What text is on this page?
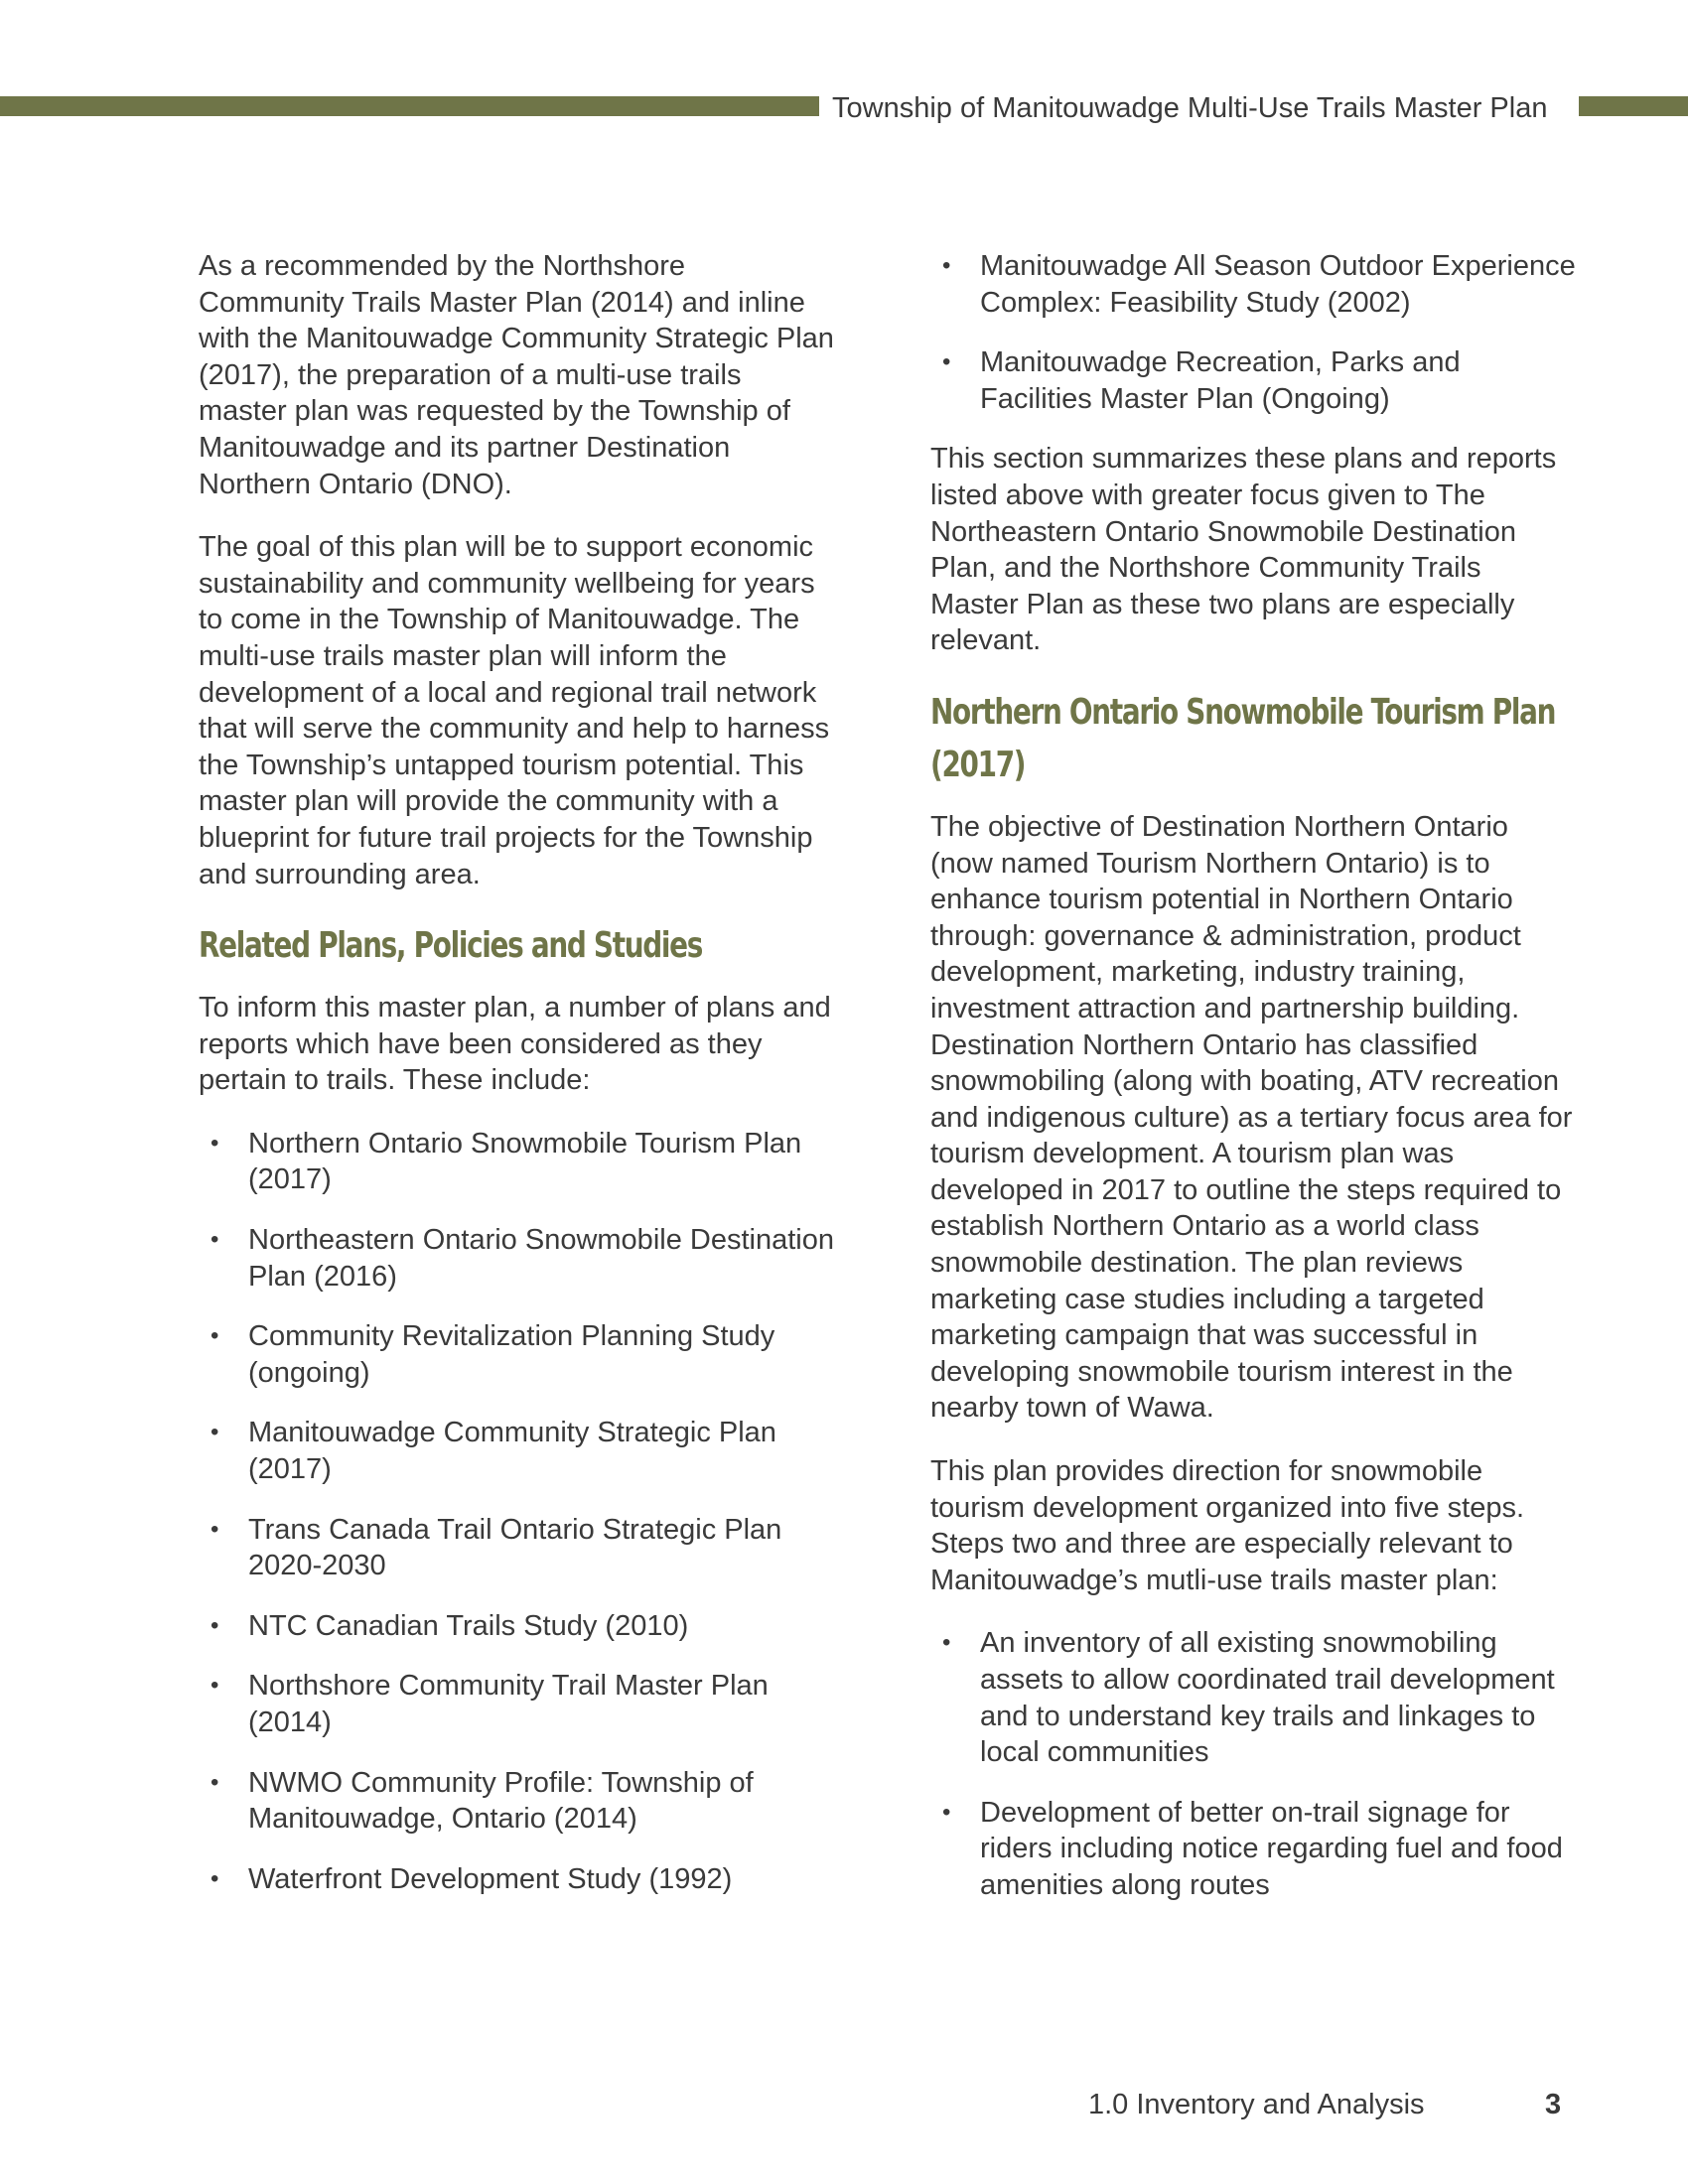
Township of Manitouwadge Multi-Use Trails Master Plan

As a recommended by the Northshore Community Trails Master Plan (2014) and inline with the Manitouwadge Community Strategic Plan (2017), the preparation of a multi-use trails master plan was requested by the Township of Manitouwadge and its partner Destination Northern Ontario (DNO).

The goal of this plan will be to support economic sustainability and community wellbeing for years to come in the Township of Manitouwadge. The multi-use trails master plan will inform the development of a local and regional trail network that will serve the community and help to harness the Township’s untapped tourism potential. This master plan will provide the community with a blueprint for future trail projects for the Township and surrounding area.

Related Plans, Policies and Studies

To inform this master plan, a number of plans and reports which have been considered as they pertain to trails. These include:

• Northern Ontario Snowmobile Tourism Plan (2017)
• Northeastern Ontario Snowmobile Destination Plan (2016)
• Community Revitalization Planning Study (ongoing)
• Manitouwadge Community Strategic Plan (2017)
• Trans Canada Trail Ontario Strategic Plan 2020-2030
• NTC Canadian Trails Study (2010)
• Northshore Community Trail Master Plan (2014)
• NWMO Community Profile: Township of Manitouwadge, Ontario (2014)
• Waterfront Development Study (1992)
• Manitouwadge All Season Outdoor Experience Complex: Feasibility Study (2002)
• Manitouwadge Recreation, Parks and Facilities Master Plan (Ongoing)

This section summarizes these plans and reports listed above with greater focus given to The Northeastern Ontario Snowmobile Destination Plan, and the Northshore Community Trails Master Plan as these two plans are especially relevant.

Northern Ontario Snowmobile Tourism Plan (2017)

The objective of Destination Northern Ontario (now named Tourism Northern Ontario) is to enhance tourism potential in Northern Ontario through: governance & administration, product development, marketing, industry training, investment attraction and partnership building. Destination Northern Ontario has classified snowmobiling (along with boating, ATV recreation and indigenous culture) as a tertiary focus area for tourism development. A tourism plan was developed in 2017 to outline the steps required to establish Northern Ontario as a world class snowmobile destination. The plan reviews marketing case studies including a targeted marketing campaign that was successful in developing snowmobile tourism interest in the nearby town of Wawa.

This plan provides direction for snowmobile tourism development organized into five steps. Steps two and three are especially relevant to Manitouwadge’s mutli-use trails master plan:

• An inventory of all existing snowmobiling assets to allow coordinated trail development and to understand key trails and linkages to local communities
• Development of better on-trail signage for riders including notice regarding fuel and food amenities along routes
1.0 Inventory and Analysis	3
